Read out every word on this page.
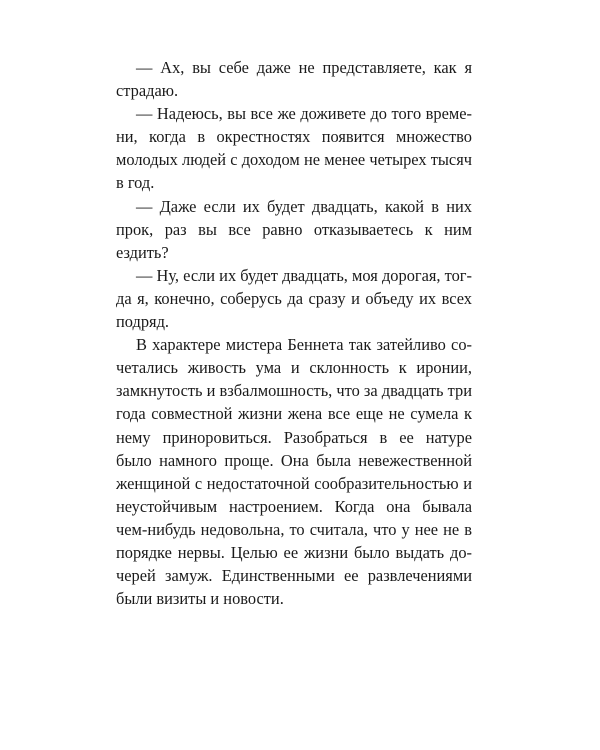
— Ах, вы себе даже не представляете, как я страдаю.

— Надеюсь, вы все же доживете до того времени, когда в окрестностях появится множество молодых людей с доходом не менее четырех тысяч в год.

— Даже если их будет двадцать, какой в них прок, раз вы все равно отказываетесь к ним ездить?

— Ну, если их будет двадцать, моя дорогая, тогда я, конечно, соберусь да сразу и объеду их всех подряд.

В характере мистера Беннета так затейливо сочетались живость ума и склонность к иронии, замкнутость и взбалмошность, что за двадцать три года совместной жизни жена все еще не сумела к нему приноровиться. Разобраться в ее натуре было намного проще. Она была невежественной женщиной с недостаточной сообразительностью и неустойчивым настроением. Когда она бывала чем-нибудь недовольна, то считала, что у нее не в порядке нервы. Целью ее жизни было выдать дочерей замуж. Единственными ее развлечениями были визиты и новости.
